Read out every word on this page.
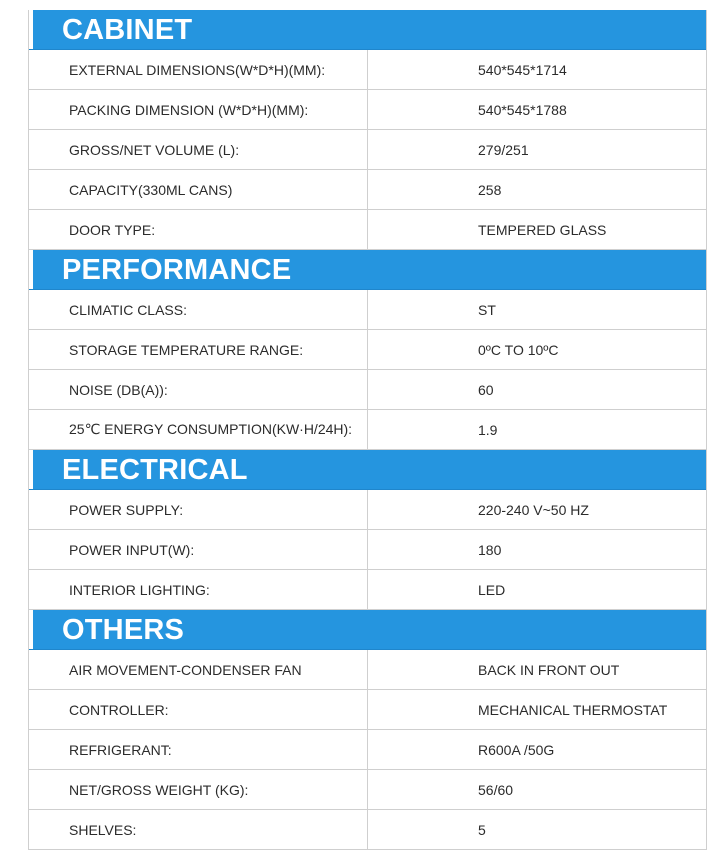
CABINET
EXTERNAL DIMENSIONS(W*D*H)(MM):	540*545*1714
PACKING DIMENSION (W*D*H)(MM):	540*545*1788
GROSS/NET VOLUME (L):	279/251
CAPACITY(330ML CANS)	258
DOOR TYPE:	TEMPERED GLASS
PERFORMANCE
CLIMATIC CLASS:	ST
STORAGE TEMPERATURE RANGE:	0ºC TO 10ºC
NOISE (DB(A)):	60
25℃ ENERGY CONSUMPTION(KW·H/24H):	1.9
ELECTRICAL
POWER SUPPLY:	220-240 V~50 HZ
POWER INPUT(W):	180
INTERIOR LIGHTING:	LED
OTHERS
AIR MOVEMENT-CONDENSER FAN	BACK IN FRONT OUT
CONTROLLER:	MECHANICAL THERMOSTAT
REFRIGERANT:	R600A /50G
NET/GROSS WEIGHT (KG):	56/60
SHELVES:	5
